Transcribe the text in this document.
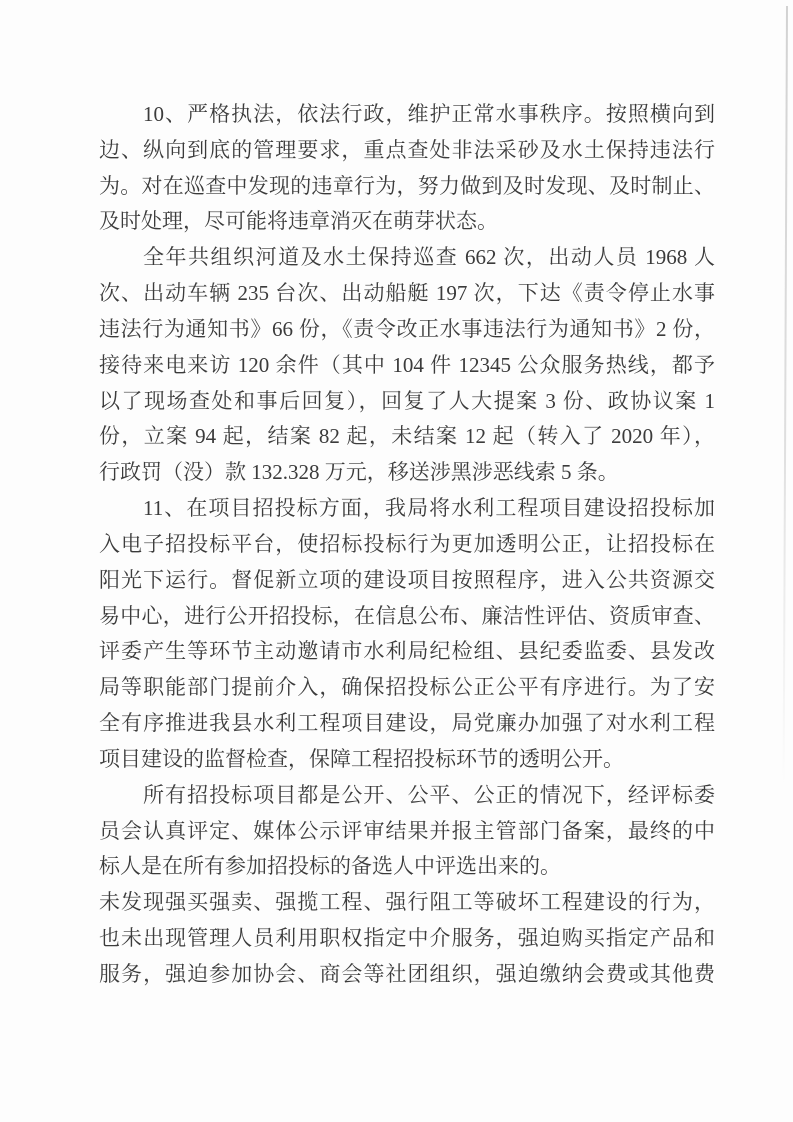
10、严格执法，依法行政，维护正常水事秩序。按照横向到
边、纵向到底的管理要求，重点查处非法采砂及水土保持违法行
为。对在巡查中发现的违章行为，努力做到及时发现、及时制止、
及时处理，尽可能将违章消灭在萌芽状态。
全年共组织河道及水土保持巡查 662 次，出动人员 1968 人
次、出动车辆 235 台次、出动船艇 197 次，下达《责令停止水事
违法行为通知书》66 份，《责令改正水事违法行为通知书》2 份，
接待来电来访 120 余件（其中 104 件 12345 公众服务热线，都予
以了现场查处和事后回复），回复了人大提案 3 份、政协议案 1
份，立案 94 起，结案 82 起，未结案 12 起（转入了 2020 年），
行政罚（没）款 132.328 万元，移送涉黑涉恶线索 5 条。
11、在项目招投标方面，我局将水利工程项目建设招投标加
入电子招投标平台，使招标投标行为更加透明公正，让招投标在
阳光下运行。督促新立项的建设项目按照程序，进入公共资源交
易中心，进行公开招投标，在信息公布、廉洁性评估、资质审查、
评委产生等环节主动邀请市水利局纪检组、县纪委监委、县发改
局等职能部门提前介入，确保招投标公正公平有序进行。为了安
全有序推进我县水利工程项目建设，局党廉办加强了对水利工程
项目建设的监督检查，保障工程招投标环节的透明公开。
所有招投标项目都是公开、公平、公正的情况下，经评标委
员会认真评定、媒体公示评审结果并报主管部门备案，最终的中
标人是在所有参加招投标的备选人中评选出来的。
未发现强买强卖、强揽工程、强行阻工等破坏工程建设的行为，
也未出现管理人员利用职权指定中介服务，强迫购买指定产品和
服务，强迫参加协会、商会等社团组织，强迫缴纳会费或其他费
